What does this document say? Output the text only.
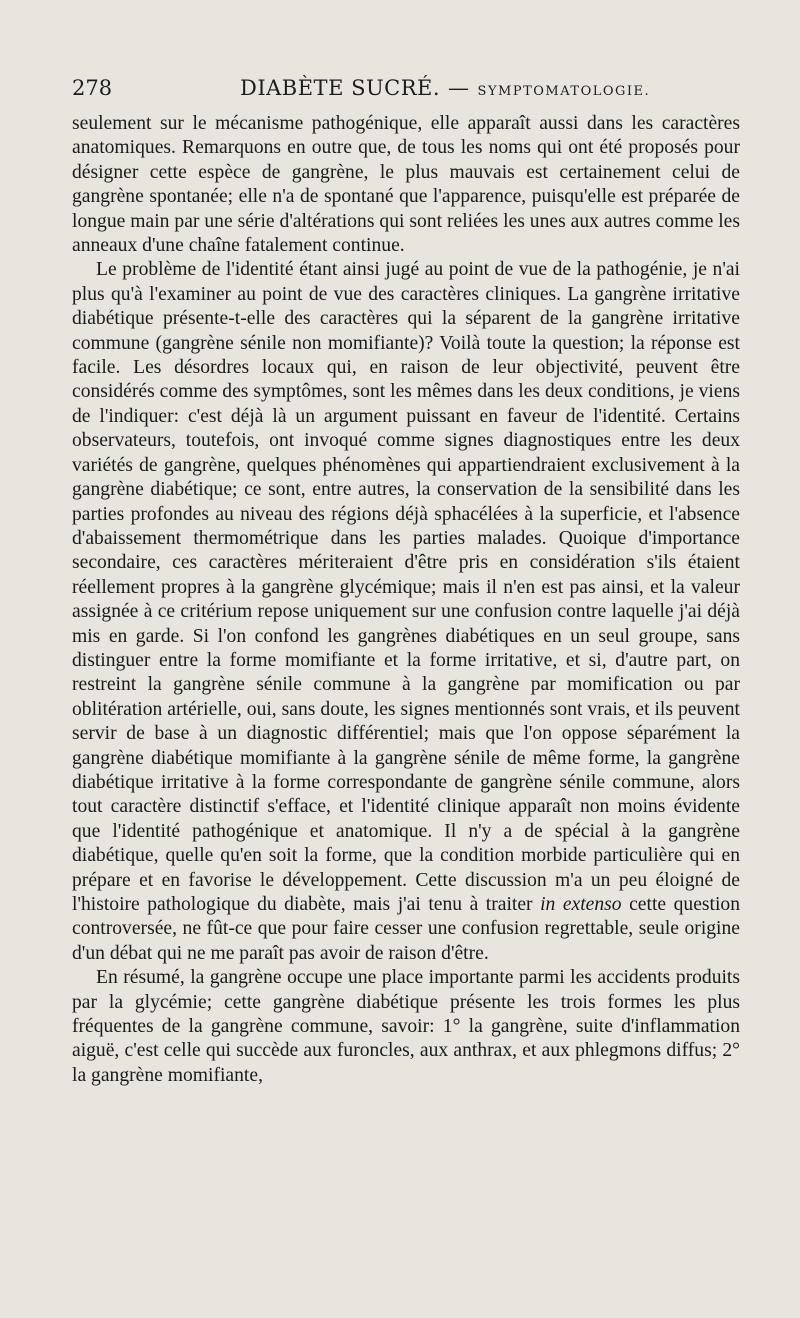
278	DIABÈTE SUCRÉ. — SYMPTOMATOLOGIE.

seulement sur le mécanisme pathogénique, elle apparaît aussi dans les caractères anatomiques. Remarquons en outre que, de tous les noms qui ont été proposés pour désigner cette espèce de gangrène, le plus mauvais est certainement celui de gangrène spontanée; elle n'a de spontané que l'apparence, puisqu'elle est préparée de longue main par une série d'altérations qui sont reliées les unes aux autres comme les anneaux d'une chaîne fatalement continue.

Le problème de l'identité étant ainsi jugé au point de vue de la pathogénie, je n'ai plus qu'à l'examiner au point de vue des caractères cliniques. La gangrène irritative diabétique présente-t-elle des caractères qui la séparent de la gangrène irritative commune (gangrène sénile non momifiante)? Voilà toute la question; la réponse est facile. Les désordres locaux qui, en raison de leur objectivité, peuvent être considérés comme des symptômes, sont les mêmes dans les deux conditions, je viens de l'indiquer: c'est déjà là un argument puissant en faveur de l'identité. Certains observateurs, toutefois, ont invoqué comme signes diagnostiques entre les deux variétés de gangrène, quelques phénomènes qui appartiendraient exclusivement à la gangrène diabétique; ce sont, entre autres, la conservation de la sensibilité dans les parties profondes au niveau des régions déjà sphacélées à la superficie, et l'absence d'abaissement thermométrique dans les parties malades. Quoique d'importance secondaire, ces caractères mériteraient d'être pris en considération s'ils étaient réellement propres à la gangrène glycémique; mais il n'en est pas ainsi, et la valeur assignée à ce critérium repose uniquement sur une confusion contre laquelle j'ai déjà mis en garde. Si l'on confond les gangrènes diabétiques en un seul groupe, sans distinguer entre la forme momifiante et la forme irritative, et si, d'autre part, on restreint la gangrène sénile commune à la gangrène par momification ou par oblitération artérielle, oui, sans doute, les signes mentionnés sont vrais, et ils peuvent servir de base à un diagnostic différentiel; mais que l'on oppose séparément la gangrène diabétique momifiante à la gangrène sénile de même forme, la gangrène diabétique irritative à la forme correspondante de gangrène sénile commune, alors tout caractère distinctif s'efface, et l'identité clinique apparaît non moins évidente que l'identité pathogénique et anatomique. Il n'y a de spécial à la gangrène diabétique, quelle qu'en soit la forme, que la condition morbide particulière qui en prépare et en favorise le développement. Cette discussion m'a un peu éloigné de l'histoire pathologique du diabète, mais j'ai tenu à traiter in extenso cette question controversée, ne fût-ce que pour faire cesser une confusion regrettable, seule origine d'un débat qui ne me paraît pas avoir de raison d'être.

En résumé, la gangrène occupe une place importante parmi les accidents produits par la glycémie; cette gangrène diabétique présente les trois formes les plus fréquentes de la gangrène commune, savoir: 1° la gangrène, suite d'inflammation aiguë, c'est celle qui succède aux furoncles, aux anthrax, et aux phlegmons diffus; 2° la gangrène momifiante,
